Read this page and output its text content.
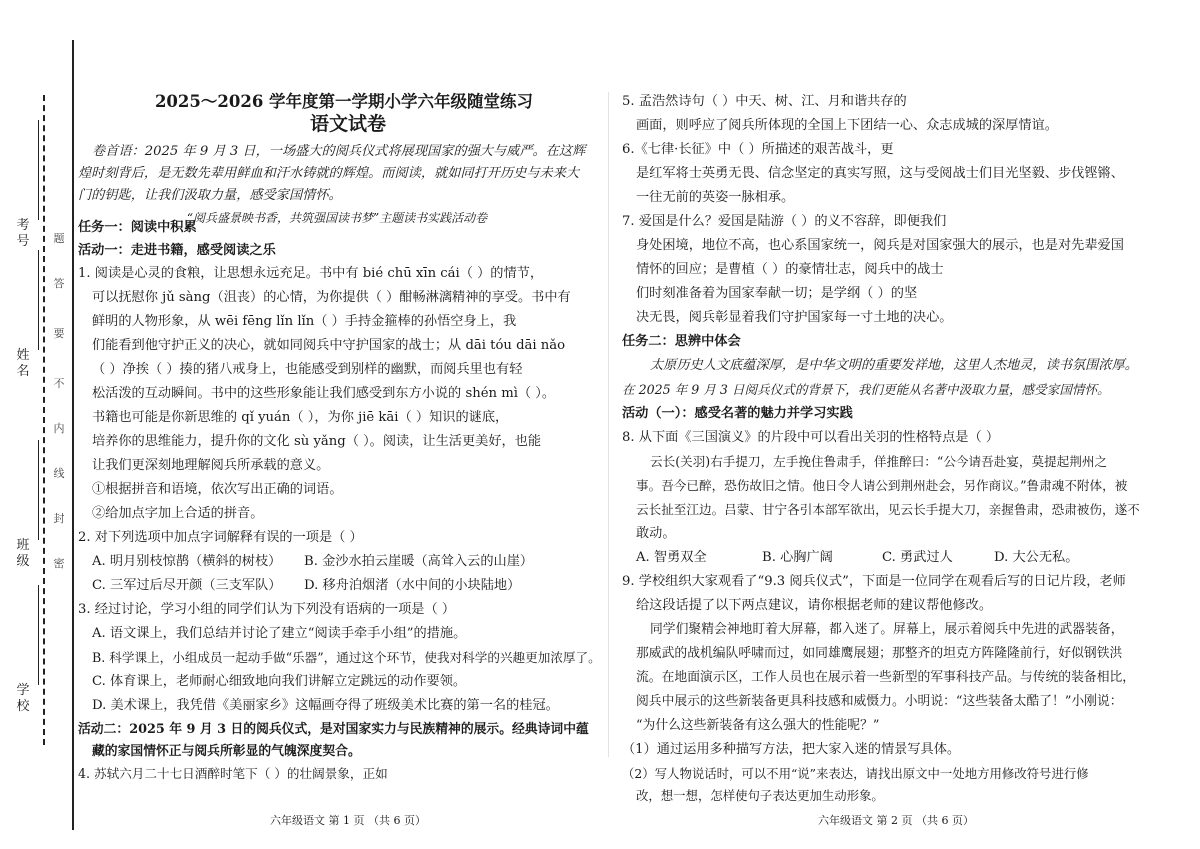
考号
姓名
班级
学校
题
答
要
不
内
线
封
密
2025～2026 学年度第一学期小学六年级随堂练习
语文试卷
卷首语：2025 年 9 月 3 日，一场盛大的阅兵仪式将展现国家的强大与威严。在这辉
煌时刻背后，是无数先辈用鲜血和汗水铸就的辉煌。而阅读，就如同打开历史与未来大
门的钥匙，让我们汲取力量，感受家国情怀。
“阅兵盛景映书香，共筑强国读书梦”主题读书实践活动卷
任务一：阅读中积累
活动一：走进书籍，感受阅读之乐
1. 阅读是心灵的食粮，让思想永远充足。书中有 bié chū xīn cái（ ）的情节，
可以抚慰你 jǔ sàng（沮丧）的心情，为你提供（ ）酣畅淋漓精神的享受。书中有
鲜明的人物形象，从 wēi fēng lǐn lǐn（ ）手持金箍棒的孙悟空身上，我
们能看到他守护正义的决心，就如同阅兵中守护国家的战士；从 dāi tóu dāi nǎo
（ ）净挨（ ）揍的猪八戒身上，也能感受到别样的幽默，而阅兵里也有轻
松活泼的互动瞬间。书中的这些形象能让我们感受到东方小说的 shén mì（ ）。
书籍也可能是你新思维的 qǐ yuán（ ），为你 jiē kāi（ ）知识的谜底，
培养你的思维能力，提升你的文化 sù yǎng（ ）。阅读，让生活更美好，也能
让我们更深刻地理解阅兵所承载的意义。
①根据拼音和语境，依次写出正确的词语。
②给加点字加上合适的拼音。
2. 对下列选项中加点字词解释有误的一项是（ ）
A. 明月别枝惊鹊（横斜的树枝） B. 金沙水拍云崖暖（高耸入云的山崖）
C. 三军过后尽开颜（三支军队） D. 移舟泊烟渚（水中间的小块陆地）
3. 经过讨论，学习小组的同学们认为下列没有语病的一项是（ ）
A. 语文课上，我们总结并讨论了建立“阅读手牵手小组”的措施。
B. 科学课上，小组成员一起动手做“乐器”，通过这个环节，使我对科学的兴趣更加浓厚了。
C. 体育课上，老师耐心细致地向我们讲解立定跳远的动作要领。
D. 美术课上，我凭借《美丽家乡》这幅画夺得了班级美术比赛的第一名的桂冠。
活动二：2025 年 9 月 3 日的阅兵仪式，是对国家实力与民族精神的展示。经典诗词中蕴
藏的家国情怀正与阅兵所彰显的气魄深度契合。
4. 苏轼六月二十七日酒醉时笔下（ ）的壮阔景象，正如
六年级语文 第 1 页 （共 6 页）
5. 孟浩然诗句（ ）中天、树、江、月和谐共存的
画面，则呼应了阅兵所体现的全国上下团结一心、众志成城的深厚情谊。
6.《七律·长征》中（ ）所描述的艰苦战斗，更
是红军将士英勇无畏、信念坚定的真实写照，这与受阅战士们目光坚毅、步伐铿锵、
一往无前的英姿一脉相承。
7. 爱国是什么？爱国是陆游（ ）的义不容辞，即便我们
身处困境，地位不高，也心系国家统一，阅兵是对国家强大的展示，也是对先辈爱国
情怀的回应；是曹植（ ）的豪情壮志，阅兵中的战士
们时刻准备着为国家奉献一切；是学纲（ ）的坚
决无畏，阅兵彰显着我们守护国家每一寸土地的决心。
任务二：思辨中体会
太原历史人文底蕴深厚，是中华文明的重要发祥地，这里人杰地灵，读书氛围浓厚。
在 2025 年 9 月 3 日阅兵仪式的背景下，我们更能从名著中汲取力量，感受家国情怀。
活动（一）：感受名著的魅力并学习实践
8. 从下面《三国演义》的片段中可以看出关羽的性格特点是（ ）
云长(关羽)右手提刀，左手挽住鲁肃手，佯推醉曰：“公今请吾赴宴，莫提起荆州之
事。吾今已醉，恐伤故旧之情。他日令人请公到荆州赴会，另作商议。”鲁肃魂不附体，被
云长扯至江边。吕蒙、甘宁各引本部军欲出，见云长手提大刀，亲握鲁肃，恐肃被伤，遂不
敢动。
A. 智勇双全	B. 心胸广阔	C. 勇武过人	D. 大公无私。
9. 学校组织大家观看了“9.3 阅兵仪式”，下面是一位同学在观看后写的日记片段，老师
给这段话提了以下两点建议，请你根据老师的建议帮他修改。
同学们聚精会神地盯着大屏幕，都入迷了。屏幕上，展示着阅兵中先进的武器装备，
那威武的战机编队呼啸而过，如同雄鹰展翅；那整齐的坦克方阵隆隆前行，好似钢铁洪
流。在地面演示区，工作人员也在展示着一些新型的军事科技产品。与传统的装备相比，
阅兵中展示的这些新装备更具科技感和威慑力。小明说：“这些装备太酷了！”小刚说：
“为什么这些新装备有这么强大的性能呢？”
（1）通过运用多种描写方法，把大家入迷的情景写具体。
（2）写人物说话时，可以不用“说”来表达，请找出原文中一处地方用修改符号进行修
改，想一想，怎样使句子表达更加生动形象。
六年级语文 第 2 页 （共 6 页）
